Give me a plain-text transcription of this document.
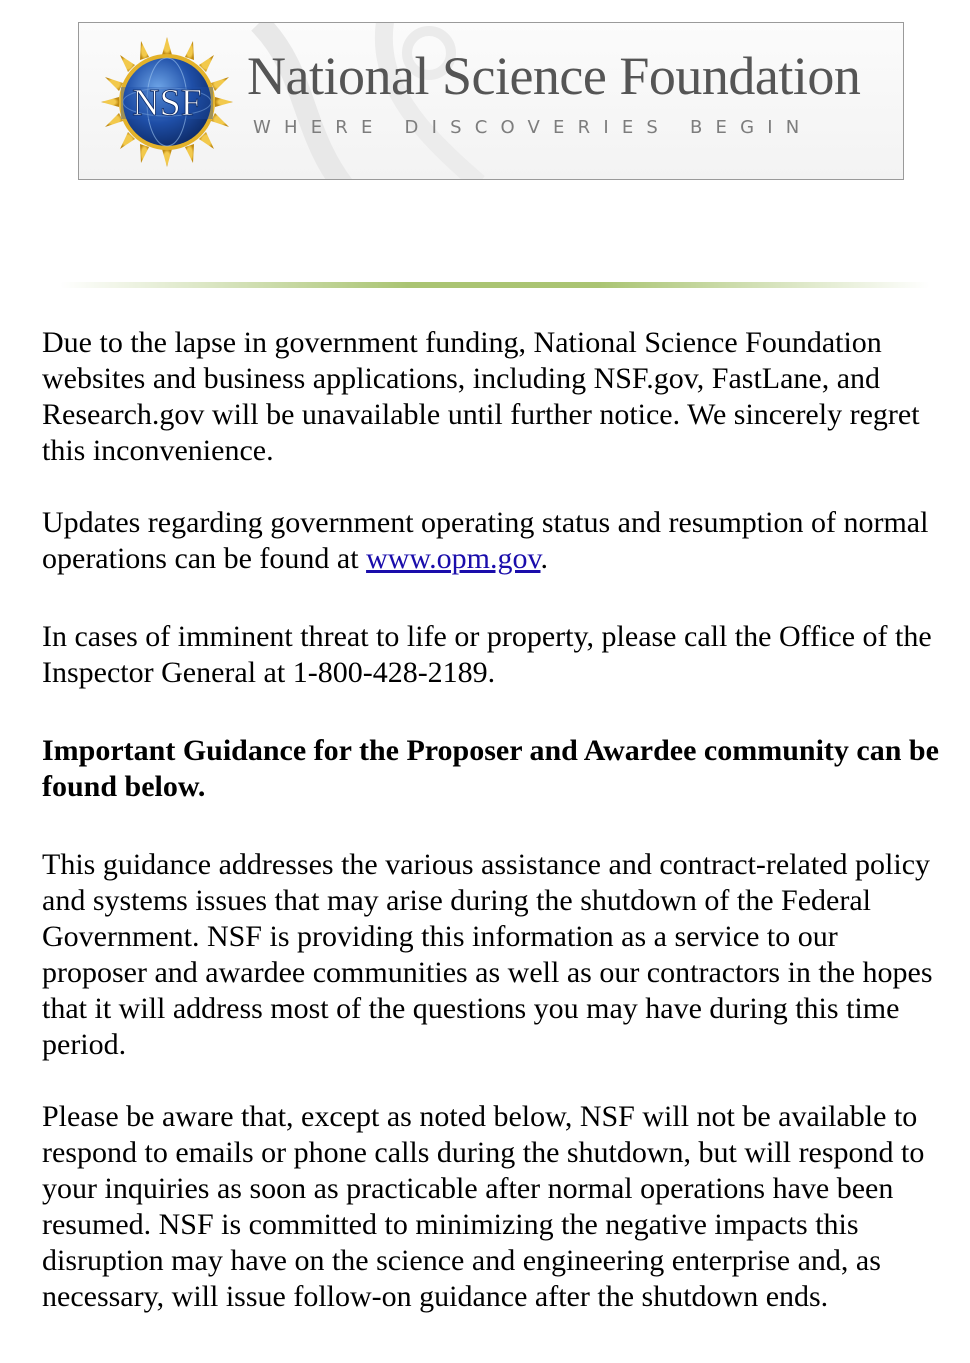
NSF National Science Foundation
WHERE DISCOVERIES BEGIN

Due to the lapse in government funding, National Science Foundation websites and business applications, including NSF.gov, FastLane, and Research.gov will be unavailable until further notice. We sincerely regret this inconvenience.

Updates regarding government operating status and resumption of normal operations can be found at www.opm.gov.

In cases of imminent threat to life or property, please call the Office of the Inspector General at 1-800-428-2189.

Important Guidance for the Proposer and Awardee community can be found below.

This guidance addresses the various assistance and contract-related policy and systems issues that may arise during the shutdown of the Federal Government. NSF is providing this information as a service to our proposer and awardee communities as well as our contractors in the hopes that it will address most of the questions you may have during this time period.

Please be aware that, except as noted below, NSF will not be available to respond to emails or phone calls during the shutdown, but will respond to your inquiries as soon as practicable after normal operations have been resumed. NSF is committed to minimizing the negative impacts this disruption may have on the science and engineering enterprise and, as necessary, will issue follow-on guidance after the shutdown ends.
